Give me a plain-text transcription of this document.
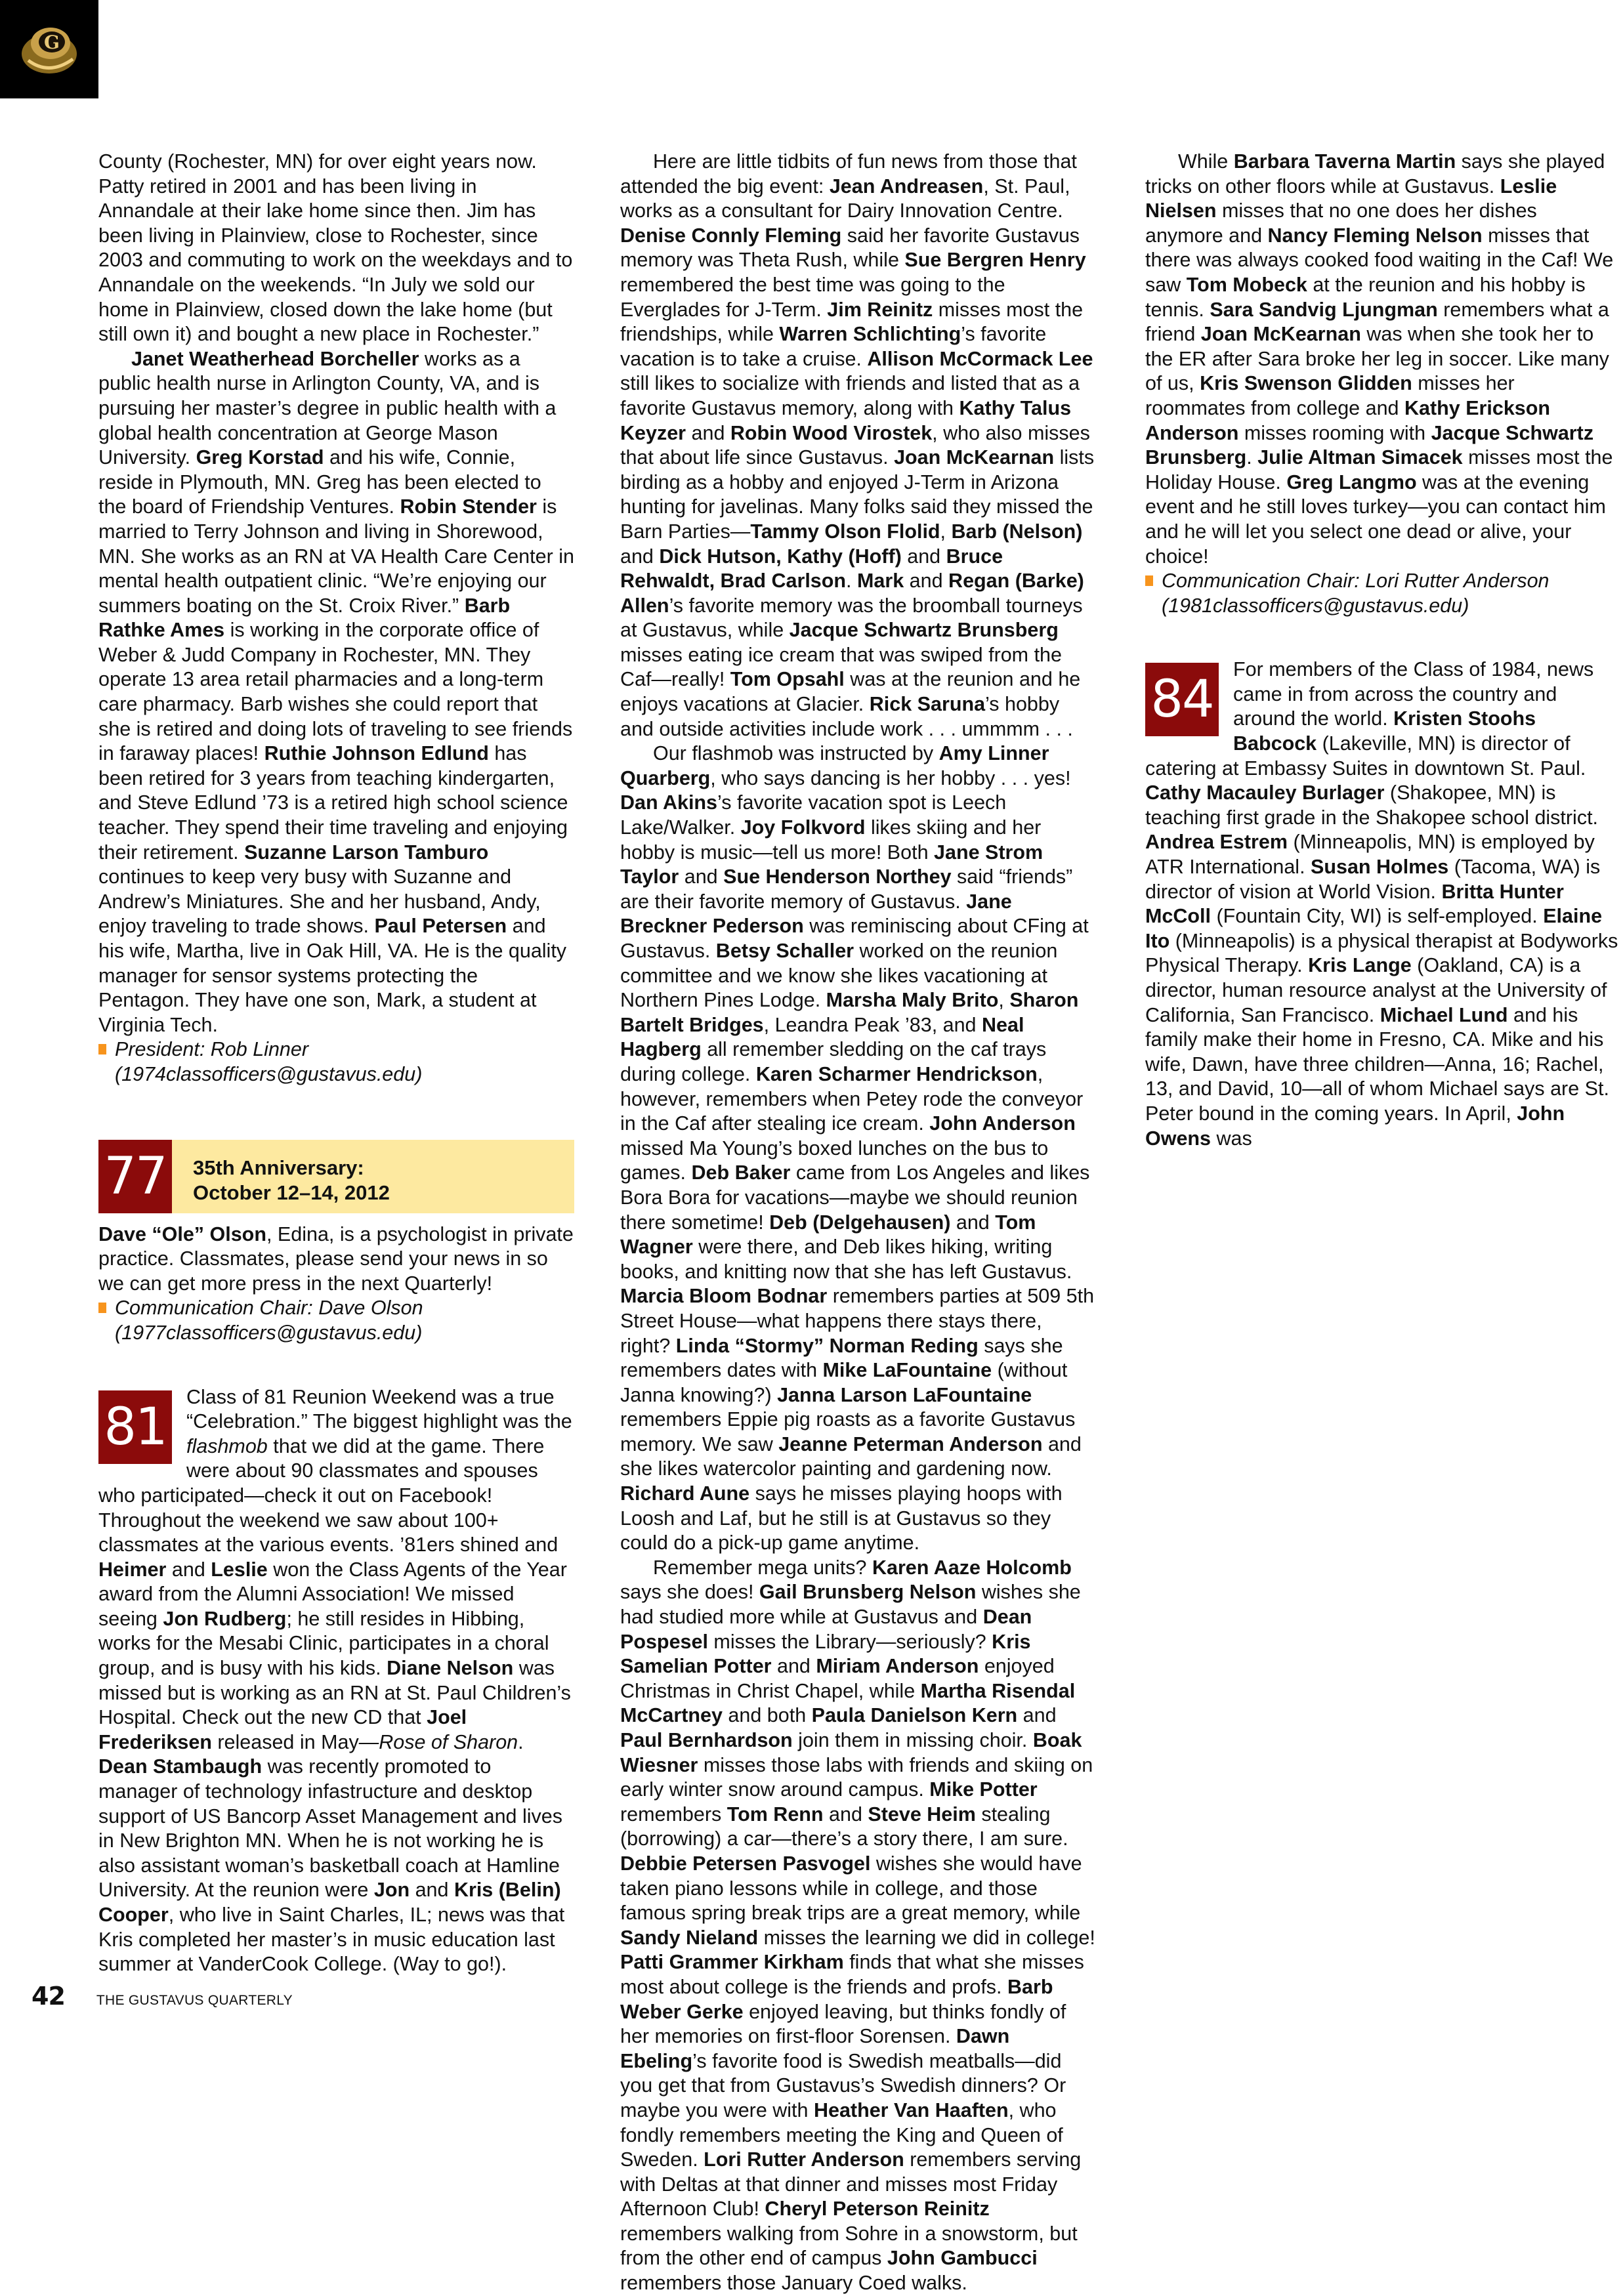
G

County (Rochester, MN) for over eight years now. Patty retired in 2001 and has been living in Annandale at their lake home since then. Jim has been living in Plainview, close to Rochester, since 2003 and commuting to work on the weekdays and to Annandale on the weekends. “In July we sold our home in Plainview, closed down the lake home (but still own it) and bought a new place in Rochester.”

Janet Weatherhead Borcheller works as a public health nurse in Arlington County, VA, and is pursuing her master’s degree in public health with a global health concentration at George Mason University. Greg Korstad and his wife, Connie, reside in Plymouth, MN. Greg has been elected to the board of Friendship Ventures. Robin Stender is married to Terry Johnson and living in Shorewood, MN. She works as an RN at VA Health Care Center in mental health outpatient clinic. “We’re enjoying our summers boating on the St. Croix River.” Barb Rathke Ames is working in the corporate office of Weber & Judd Company in Rochester, MN. They operate 13 area retail pharmacies and a long-term care pharmacy. Barb wishes she could report that she is retired and doing lots of traveling to see friends in faraway places! Ruthie Johnson Edlund has been retired for 3 years from teaching kindergarten, and Steve Edlund ’73 is a retired high school science teacher. They spend their time traveling and enjoying their retirement. Suzanne Larson Tamburo continues to keep very busy with Suzanne and Andrew’s Miniatures. She and her husband, Andy, enjoy traveling to trade shows. Paul Petersen and his wife, Martha, live in Oak Hill, VA. He is the quality manager for sensor systems protecting the Pentagon. They have one son, Mark, a student at Virginia Tech.

President: Rob Linner
(1974classofficers@gustavus.edu)

77	35th Anniversary:
October 12–14, 2012

Dave “Ole” Olson, Edina, is a psychologist in private practice. Classmates, please send your news in so we can get more press in the next Quarterly!

Communication Chair: Dave Olson
(1977classofficers@gustavus.edu)

81

Class of 81 Reunion Weekend was a true “Celebration.” The biggest highlight was the flashmob that we did at the game. There were about 90 classmates and spouses who participated—check it out on Facebook! Throughout the weekend we saw about 100+ classmates at the various events. ’81ers shined and Heimer and Leslie won the Class Agents of the Year award from the Alumni Association! We missed seeing Jon Rudberg; he still resides in Hibbing, works for the Mesabi Clinic, participates in a choral group, and is busy with his kids. Diane Nelson was missed but is working as an RN at St. Paul Children’s Hospital. Check out the new CD that Joel Frederiksen released in May—Rose of Sharon. Dean Stambaugh was recently promoted to manager of technology infastructure and desktop support of US Bancorp Asset Management and lives in New Brighton MN. When he is not working he is also assistant woman’s basketball coach at Hamline University. At the reunion were Jon and Kris (Belin) Cooper, who live in Saint Charles, IL; news was that Kris completed her master’s in music education last summer at VanderCook College. (Way to go!).

Here are little tidbits of fun news from those that attended the big event: Jean Andreasen, St. Paul, works as a consultant for Dairy Innovation Centre. Denise Connly Fleming said her favorite Gustavus memory was Theta Rush, while Sue Bergren Henry remembered the best time was going to the Everglades for J-Term. Jim Reinitz misses most the friendships, while Warren Schlichting’s favorite vacation is to take a cruise. Allison McCormack Lee still likes to socialize with friends and listed that as a favorite Gustavus memory, along with Kathy Talus Keyzer and Robin Wood Virostek, who also misses that about life since Gustavus. Joan McKearnan lists birding as a hobby and enjoyed J-Term in Arizona hunting for javelinas. Many folks said they missed the Barn Parties—Tammy Olson Flolid, Barb (Nelson) and Dick Hutson, Kathy (Hoff) and Bruce Rehwaldt, Brad Carlson. Mark and Regan (Barke) Allen’s favorite memory was the broomball tourneys at Gustavus, while Jacque Schwartz Brunsberg misses eating ice cream that was swiped from the Caf—really! Tom Opsahl was at the reunion and he enjoys vacations at Glacier. Rick Saruna’s hobby and outside activities include work . . . ummmm . . .

Our flashmob was instructed by Amy Linner Quarberg, who says dancing is her hobby . . . yes! Dan Akins’s favorite vacation spot is Leech Lake/Walker. Joy Folkvord likes skiing and her hobby is music—tell us more! Both Jane Strom Taylor and Sue Henderson Northey said “friends” are their favorite memory of Gustavus. Jane Breckner Pederson was reminiscing about CFing at Gustavus. Betsy Schaller worked on the reunion committee and we know she likes vacationing at Northern Pines Lodge. Marsha Maly Brito, Sharon Bartelt Bridges, Leandra Peak ’83, and Neal Hagberg all remember sledding on the caf trays during college. Karen Scharmer Hendrickson, however, remembers when Petey rode the conveyor in the Caf after stealing ice cream. John Anderson missed Ma Young’s boxed lunches on the bus to games. Deb Baker came from Los Angeles and likes Bora Bora for vacations—maybe we should reunion there sometime! Deb (Delgehausen) and Tom Wagner were there, and Deb likes hiking, writing books, and knitting now that she has left Gustavus. Marcia Bloom Bodnar remembers parties at 509 5th Street House—what happens there stays there, right? Linda “Stormy” Norman Reding says she remembers dates with Mike LaFountaine (without Janna knowing?) Janna Larson LaFountaine remembers Eppie pig roasts as a favorite Gustavus memory. We saw Jeanne Peterman Anderson and she likes watercolor painting and gardening now. Richard Aune says he misses playing hoops with Loosh and Laf, but he still is at Gustavus so they could do a pick-up game anytime.

Remember mega units? Karen Aaze Holcomb says she does! Gail Brunsberg Nelson wishes she had studied more while at Gustavus and Dean Pospesel misses the Library—seriously? Kris Samelian Potter and Miriam Anderson enjoyed Christmas in Christ Chapel, while Martha Risendal McCartney and both Paula Danielson Kern and Paul Bernhardson join them in missing choir. Boak Wiesner misses those labs with friends and skiing on early winter snow around campus. Mike Potter remembers Tom Renn and Steve Heim stealing (borrowing) a car—there’s a story there, I am sure. Debbie Petersen Pasvogel wishes she would have taken piano lessons while in college, and those famous spring break trips are a great memory, while Sandy Nieland misses the learning we did in college! Patti Grammer Kirkham finds that what she misses most about college is the friends and profs. Barb Weber Gerke enjoyed leaving, but thinks fondly of her memories on first-floor Sorensen. Dawn Ebeling’s favorite food is Swedish meatballs—did you get that from Gustavus’s Swedish dinners? Or maybe you were with Heather Van Haaften, who fondly remembers meeting the King and Queen of Sweden. Lori Rutter Anderson remembers serving with Deltas at that dinner and misses most Friday Afternoon Club! Cheryl Peterson Reinitz remembers walking from Sohre in a snowstorm, but from the other end of campus John Gambucci remembers those January Coed walks.

While Barbara Taverna Martin says she played tricks on other floors while at Gustavus. Leslie Nielsen misses that no one does her dishes anymore and Nancy Fleming Nelson misses that there was always cooked food waiting in the Caf! We saw Tom Mobeck at the reunion and his hobby is tennis. Sara Sandvig Ljungman remembers what a friend Joan McKearnan was when she took her to the ER after Sara broke her leg in soccer. Like many of us, Kris Swenson Glidden misses her roommates from college and Kathy Erickson Anderson misses rooming with Jacque Schwartz Brunsberg. Julie Altman Simacek misses most the Holiday House. Greg Langmo was at the evening event and he still loves turkey—you can contact him and he will let you select one dead or alive, your choice!

Communication Chair: Lori Rutter Anderson
(1981classofficers@gustavus.edu)

84

For members of the Class of 1984, news came in from across the country and around the world. Kristen Stoohs Babcock (Lakeville, MN) is director of catering at Embassy Suites in downtown St. Paul. Cathy Macauley Burlager (Shakopee, MN) is teaching first grade in the Shakopee school district. Andrea Estrem (Minneapolis, MN) is employed by ATR International. Susan Holmes (Tacoma, WA) is director of vision at World Vision. Britta Hunter McColl (Fountain City, WI) is self-employed. Elaine Ito (Minneapolis) is a physical therapist at Bodyworks Physical Therapy. Kris Lange (Oakland, CA) is a director, human resource analyst at the University of California, San Francisco. Michael Lund and his family make their home in Fresno, CA. Mike and his wife, Dawn, have three children—Anna, 16; Rachel, 13, and David, 10—all of whom Michael says are St. Peter bound in the coming years. In April, John Owens was

42 THE GUSTAVUS QUARTERLY
